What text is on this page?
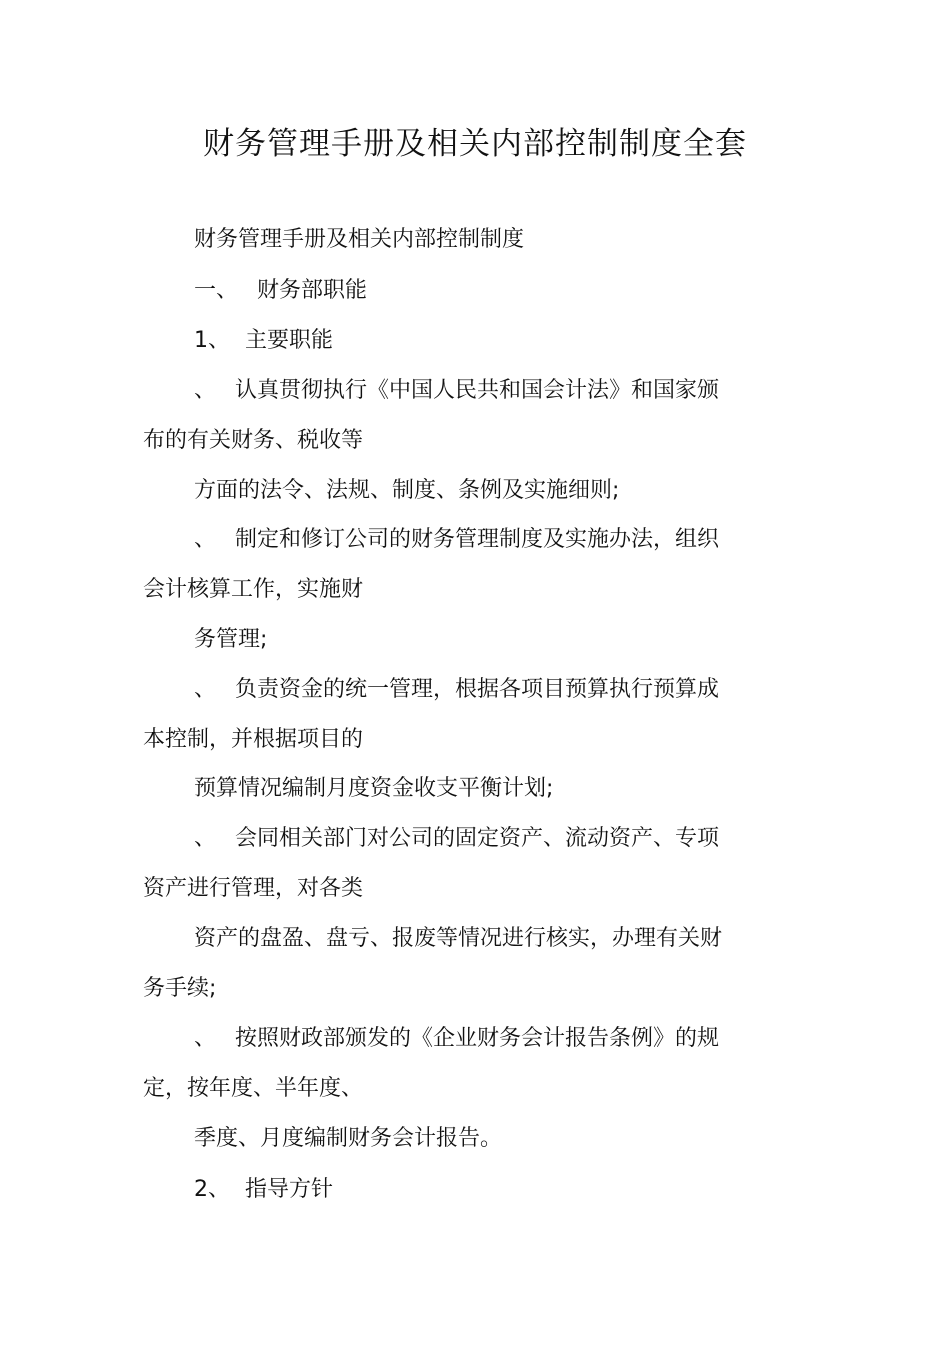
财务管理手册及相关内部控制制度全套
财务管理手册及相关内部控制制度
一、 财务部职能
1、 主要职能
、 认真贯彻执行《中国人民共和国会计法》和国家颁
布的有关财务、税收等
方面的法令、法规、制度、条例及实施细则;
、 制定和修订公司的财务管理制度及实施办法，组织
会计核算工作，实施财
务管理;
、 负责资金的统一管理，根据各项目预算执行预算成
本控制，并根据项目的
预算情况编制月度资金收支平衡计划;
、 会同相关部门对公司的固定资产、流动资产、专项
资产进行管理，对各类
资产的盘盈、盘亏、报废等情况进行核实，办理有关财
务手续;
、 按照财政部颁发的《企业财务会计报告条例》的规
定，按年度、半年度、
季度、月度编制财务会计报告。
2、 指导方针
